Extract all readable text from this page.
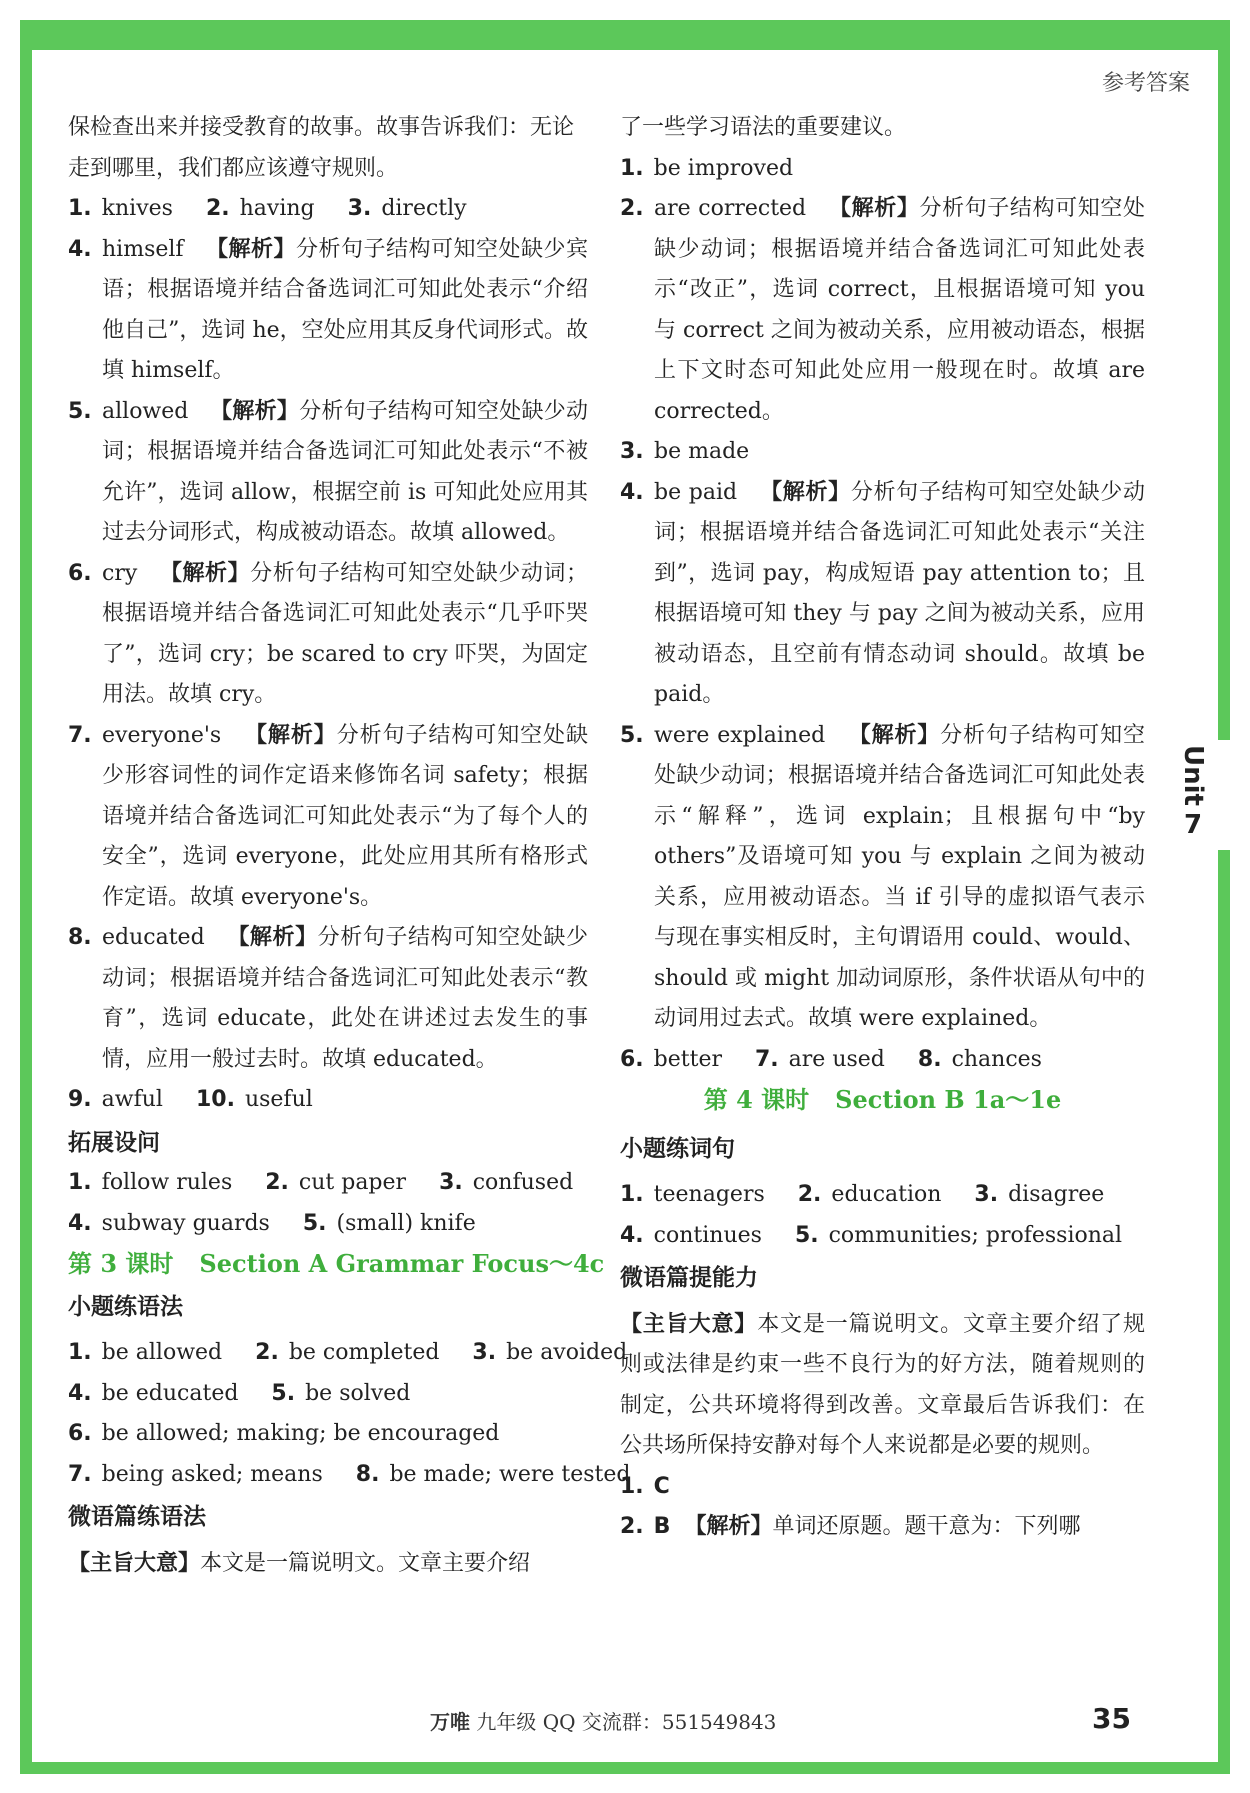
参考答案
Unit
7
保检查出来并接受教育的故事。故事告诉我们：无论走到哪里，我们都应该遵守规则。
1. knives 2. having 3. directly
4. himself 【解析】分析句子结构可知空处缺少宾语；根据语境并结合备选词汇可知此处表示“介绍他自己”，选词 he，空处应用其反身代词形式。故填 himself。
5. allowed 【解析】分析句子结构可知空处缺少动词；根据语境并结合备选词汇可知此处表示“不被允许”，选词 allow，根据空前 is 可知此处应用其过去分词形式，构成被动语态。故填 allowed。
6. cry 【解析】分析句子结构可知空处缺少动词；根据语境并结合备选词汇可知此处表示“几乎吓哭了”，选词 cry；be scared to cry 吓哭，为固定用法。故填 cry。
7. everyone's 【解析】分析句子结构可知空处缺少形容词性的词作定语来修饰名词 safety；根据语境并结合备选词汇可知此处表示“为了每个人的安全”，选词 everyone，此处应用其所有格形式作定语。故填 everyone's。
8. educated 【解析】分析句子结构可知空处缺少动词；根据语境并结合备选词汇可知此处表示“教育”，选词 educate，此处在讲述过去发生的事情，应用一般过去时。故填 educated。
9. awful 10. useful
拓展设问
1. follow rules 2. cut paper 3. confused
4. subway guards 5. (small) knife
第 3 课时 Section A Grammar Focus～4c
小题练语法
1. be allowed 2. be completed 3. be avoided
4. be educated 5. be solved
6. be allowed; making; be encouraged
7. being asked; means 8. be made; were tested
微语篇练语法
【主旨大意】本文是一篇说明文。文章主要介绍
了一些学习语法的重要建议。
1. be improved
2. are corrected 【解析】分析句子结构可知空处缺少动词；根据语境并结合备选词汇可知此处表示“改正”，选词 correct，且根据语境可知 you 与 correct 之间为被动关系，应用被动语态，根据上下文时态可知此处应用一般现在时。故填 are corrected。
3. be made
4. be paid 【解析】分析句子结构可知空处缺少动词；根据语境并结合备选词汇可知此处表示“关注到”，选词 pay，构成短语 pay attention to；且根据语境可知 they 与 pay 之间为被动关系，应用被动语态，且空前有情态动词 should。故填 be paid。
5. were explained 【解析】分析句子结构可知空处缺少动词；根据语境并结合备选词汇可知此处表示“解释”，选词 explain；且根据句中“by others”及语境可知 you 与 explain 之间为被动关系，应用被动语态。当 if 引导的虚拟语气表示与现在事实相反时，主句谓语用 could、would、should 或 might 加动词原形，条件状语从句中的动词用过去式。故填 were explained。
6. better 7. are used 8. chances
第 4 课时 Section B 1a～1e
小题练词句
1. teenagers 2. education 3. disagree
4. continues 5. communities; professional
微语篇提能力
【主旨大意】本文是一篇说明文。文章主要介绍了规则或法律是约束一些不良行为的好方法，随着规则的制定，公共环境将得到改善。文章最后告诉我们：在公共场所保持安静对每个人来说都是必要的规则。
1. C
2. B 【解析】单词还原题。题干意为：下列哪
万唯 九年级 QQ 交流群：551549843	35
